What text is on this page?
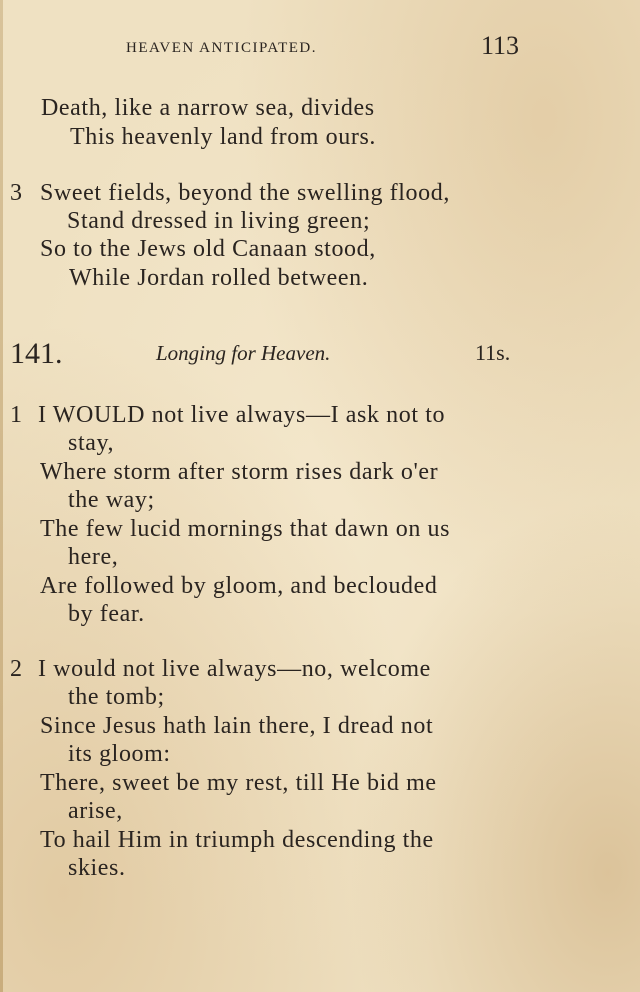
HEAVEN ANTICIPATED.	113
Death, like a narrow sea, divides
This heavenly land from ours.
3 Sweet fields, beyond the swelling flood,
Stand dressed in living green;
So to the Jews old Canaan stood,
While Jordan rolled between.
141.	Longing for Heaven.	11s.
1 I WOULD not live always—I ask not to
stay,
Where storm after storm rises dark o'er
the way;
The few lucid mornings that dawn on us
here,
Are followed by gloom, and beclouded
by fear.
2 I would not live always—no, welcome
the tomb;
Since Jesus hath lain there, I dread not
its gloom:
There, sweet be my rest, till He bid me
arise,
To hail Him in triumph descending the
skies.
